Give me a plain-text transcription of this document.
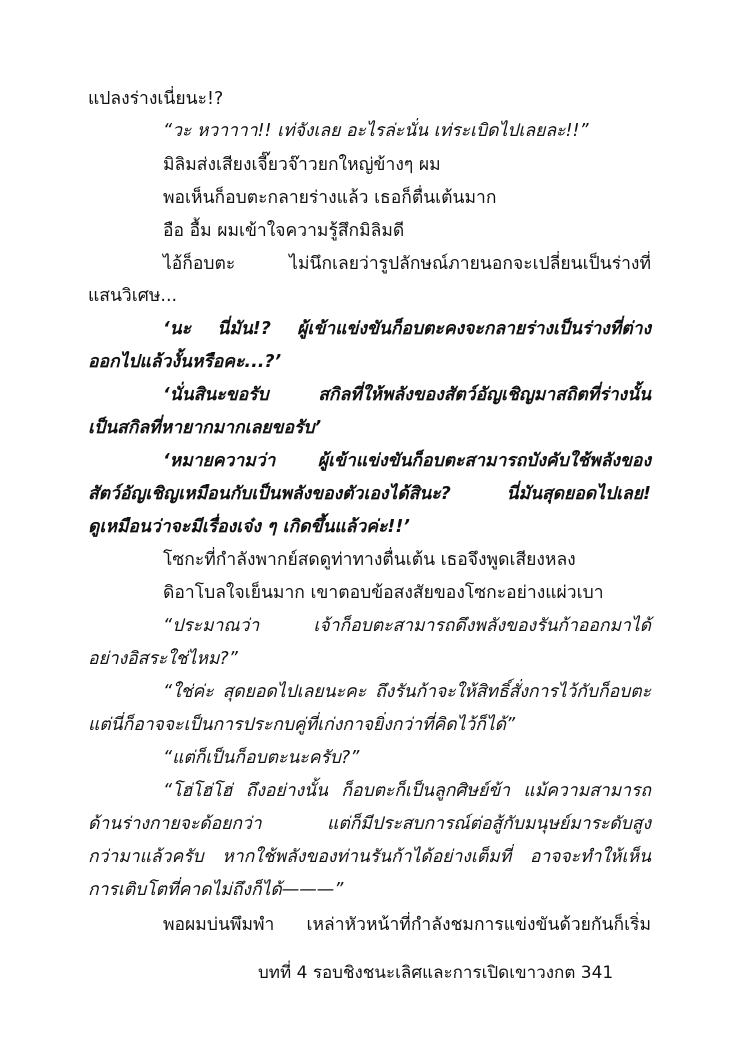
แปลงร่างเนี่ยนะ!?
“วะ หวาาาา!! เท่จังเลย อะไรล่ะนั่น เท่ระเบิดไปเลยละ!!”
มิลิมส่งเสียงเจี๊ยวจ๊าวยกใหญ่ข้างๆ ผม
พอเห็นก็อบตะกลายร่างแล้ว เธอก็ตื่นเต้นมาก
อือ อื้ม ผมเข้าใจความรู้สึกมิลิมดี
ไอ้ก็อบตะ ไม่นึกเลยว่ารูปลักษณ์ภายนอกจะเปลี่ยนเป็นร่างที่
แสนวิเศษ...
‘นะ นี่มัน!? ผู้เข้าแข่งขันก็อบตะคงจะกลายร่างเป็นร่างที่ต่าง
ออกไปแล้วงั้นหรือคะ...?’
‘นั่นสินะขอรับ สกิลที่ให้พลังของสัตว์อัญเชิญมาสถิตที่ร่างนั้น
เป็นสกิลที่หายากมากเลยขอรับ’
‘หมายความว่า ผู้เข้าแข่งขันก็อบตะสามารถบังคับใช้พลังของ
สัตว์อัญเชิญเหมือนกับเป็นพลังของตัวเองได้สินะ? นี่มันสุดยอดไปเลย!
ดูเหมือนว่าจะมีเรื่องเจ๋ง ๆ เกิดขึ้นแล้วค่ะ!!’
โซกะที่กำลังพากย์สดดูท่าทางตื่นเต้น เธอจึงพูดเสียงหลง
ดิอาโบลใจเย็นมาก เขาตอบข้อสงสัยของโซกะอย่างแผ่วเบา
“ประมาณว่า เจ้าก็อบตะสามารถดึงพลังของรันก้าออกมาได้
อย่างอิสระใช่ไหม?”
“ใช่ค่ะ สุดยอดไปเลยนะคะ ถึงรันก้าจะให้สิทธิ์สั่งการไว้กับก็อบตะ
แต่นี่ก็อาจจะเป็นการประกบคู่ที่เก่งกาจยิ่งกว่าที่คิดไว้ก็ได้”
“แต่ก็เป็นก็อบตะนะครับ?”
“โฮ่โฮ่โฮ่ ถึงอย่างนั้น ก็อบตะก็เป็นลูกศิษย์ข้า แม้ความสามารถ
ด้านร่างกายจะด้อยกว่า แต่ก็มีประสบการณ์ต่อสู้กับมนุษย์มาระดับสูง
กว่ามาแล้วครับ หากใช้พลังของท่านรันก้าได้อย่างเต็มที่ อาจจะทำให้เห็น
การเติบโตที่คาดไม่ถึงก็ได้———”
พอผมบ่นพึมพำ เหล่าหัวหน้าที่กำลังชมการแข่งขันด้วยกันก็เริ่ม
บทที่ 4 รอบชิงชนะเลิศและการเปิดเขาวงกต 341
